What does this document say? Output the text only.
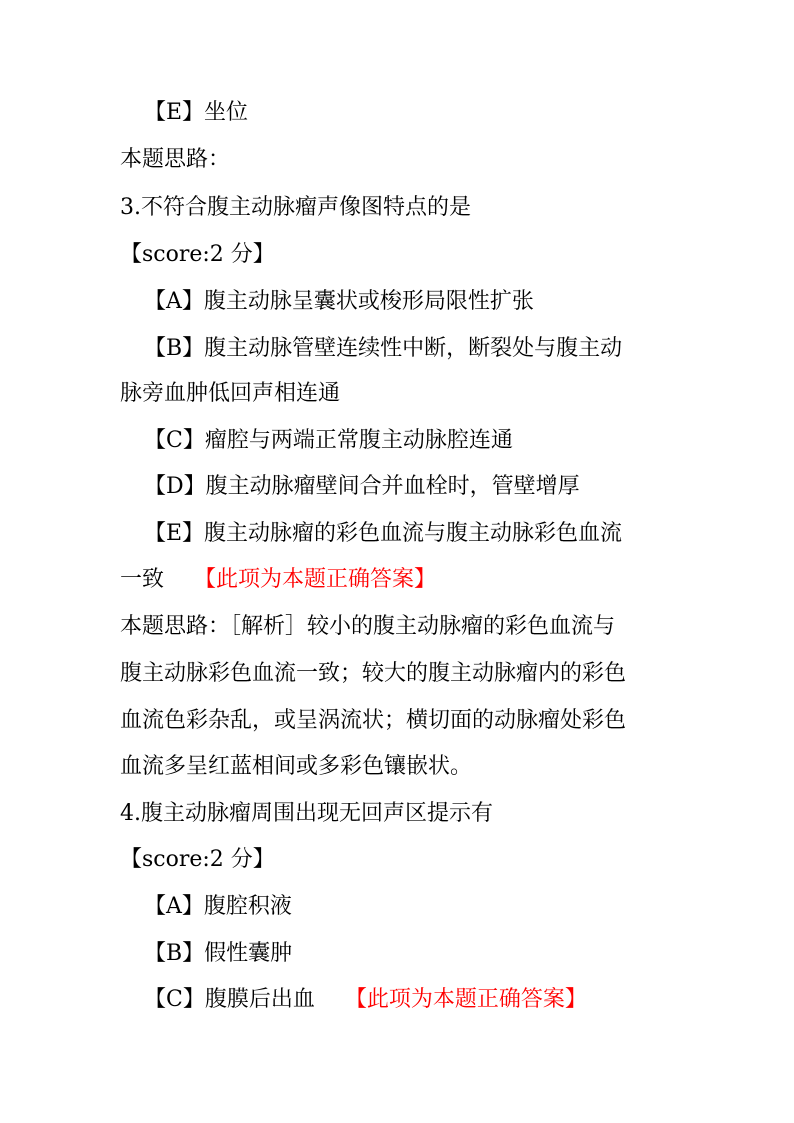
【E】坐位
本题思路：
3.不符合腹主动脉瘤声像图特点的是
【score:2 分】
【A】腹主动脉呈囊状或梭形局限性扩张
【B】腹主动脉管壁连续性中断，断裂处与腹主动
脉旁血肿低回声相连通
【C】瘤腔与两端正常腹主动脉腔连通
【D】腹主动脉瘤壁间合并血栓时，管壁增厚
【E】腹主动脉瘤的彩色血流与腹主动脉彩色血流
一致 【此项为本题正确答案】
本题思路：［解析］较小的腹主动脉瘤的彩色血流与
腹主动脉彩色血流一致；较大的腹主动脉瘤内的彩色
血流色彩杂乱，或呈涡流状；横切面的动脉瘤处彩色
血流多呈红蓝相间或多彩色镶嵌状。
4.腹主动脉瘤周围出现无回声区提示有
【score:2 分】
【A】腹腔积液
【B】假性囊肿
【C】腹膜后出血 【此项为本题正确答案】
